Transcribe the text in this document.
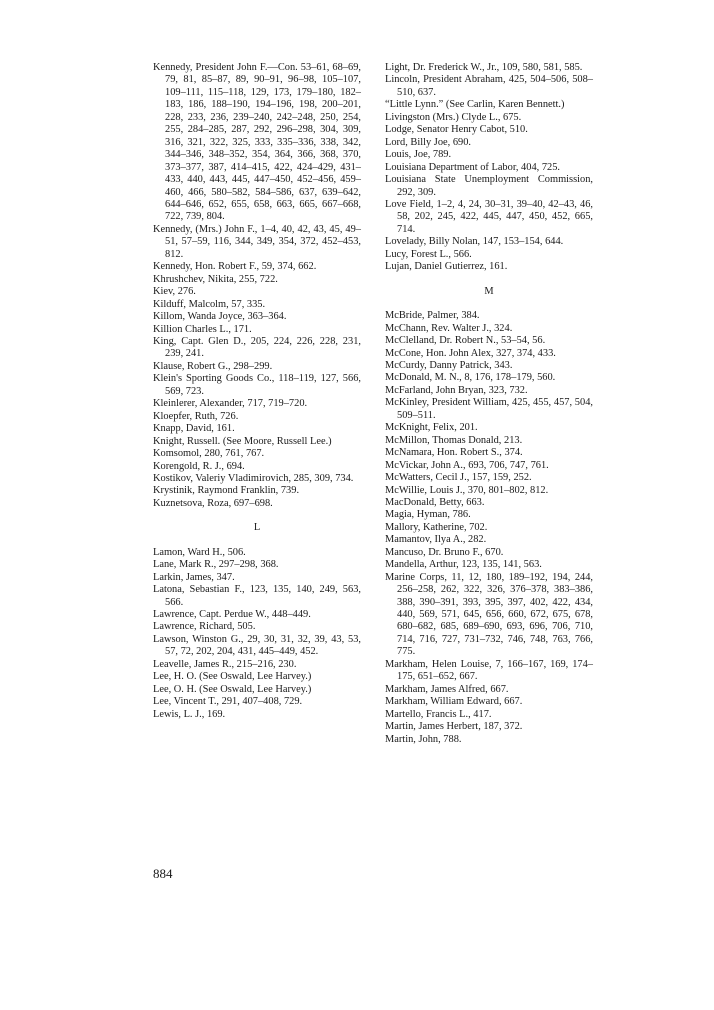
Kennedy, President John F.—Con. 53–61, 68–69, 79, 81, 85–87, 89, 90–91, 96–98, 105–107, 109–111, 115–118, 129, 173, 179–180, 182–183, 186, 188–190, 194–196, 198, 200–201, 228, 233, 236, 239–240, 242–248, 250, 254, 255, 284–285, 287, 292, 296–298, 304, 309, 316, 321, 322, 325, 333, 335–336, 338, 342, 344–346, 348–352, 354, 364, 366, 368, 370, 373–377, 387, 414–415, 422, 424–429, 431–433, 440, 443, 445, 447–450, 452–456, 459–460, 466, 580–582, 584–586, 637, 639–642, 644–646, 652, 655, 658, 663, 665, 667–668, 722, 739, 804.

Kennedy, (Mrs.) John F., 1–4, 40, 42, 43, 45, 49–51, 57–59, 116, 344, 349, 354, 372, 452–453, 812.

Kennedy, Hon. Robert F., 59, 374, 662.

Khrushchev, Nikita, 255, 722.

Kiev, 276.

Kilduff, Malcolm, 57, 335.

Killom, Wanda Joyce, 363–364.

Killion Charles L., 171.

King, Capt. Glen D., 205, 224, 226, 228, 231, 239, 241.

Klause, Robert G., 298–299.

Klein's Sporting Goods Co., 118–119, 127, 566, 569, 723.

Kleinlerer, Alexander, 717, 719–720.

Kloepfer, Ruth, 726.

Knapp, David, 161.

Knight, Russell. (See Moore, Russell Lee.)

Komsomol, 280, 761, 767.

Korengold, R. J., 694.

Kostikov, Valeriy Vladimirovich, 285, 309, 734.

Krystinik, Raymond Franklin, 739.

Kuznetsova, Roza, 697–698.

L

Lamon, Ward H., 506.

Lane, Mark R., 297–298, 368.

Larkin, James, 347.

Latona, Sebastian F., 123, 135, 140, 249, 563, 566.

Lawrence, Capt. Perdue W., 448–449.

Lawrence, Richard, 505.

Lawson, Winston G., 29, 30, 31, 32, 39, 43, 53, 57, 72, 202, 204, 431, 445–449, 452.

Leavelle, James R., 215–216, 230.

Lee, H. O. (See Oswald, Lee Harvey.)

Lee, O. H. (See Oswald, Lee Harvey.)

Lee, Vincent T., 291, 407–408, 729.

Lewis, L. J., 169.

Light, Dr. Frederick W., Jr., 109, 580, 581, 585.

Lincoln, President Abraham, 425, 504–506, 508–510, 637.

“Little Lynn.” (See Carlin, Karen Bennett.)

Livingston (Mrs.) Clyde L., 675.

Lodge, Senator Henry Cabot, 510.

Lord, Billy Joe, 690.

Louis, Joe, 789.

Louisiana Department of Labor, 404, 725.

Louisiana State Unemployment Commission, 292, 309.

Love Field, 1–2, 4, 24, 30–31, 39–40, 42–43, 46, 58, 202, 245, 422, 445, 447, 450, 452, 665, 714.

Lovelady, Billy Nolan, 147, 153–154, 644.

Lucy, Forest L., 566.

Lujan, Daniel Gutierrez, 161.

M

McBride, Palmer, 384.

McChann, Rev. Walter J., 324.

McClelland, Dr. Robert N., 53–54, 56.

McCone, Hon. John Alex, 327, 374, 433.

McCurdy, Danny Patrick, 343.

McDonald, M. N., 8, 176, 178–179, 560.

McFarland, John Bryan, 323, 732.

McKinley, President William, 425, 455, 457, 504, 509–511.

McKnight, Felix, 201.

McMillon, Thomas Donald, 213.

McNamara, Hon. Robert S., 374.

McVickar, John A., 693, 706, 747, 761.

McWatters, Cecil J., 157, 159, 252.

McWillie, Louis J., 370, 801–802, 812.

MacDonald, Betty, 663.

Magia, Hyman, 786.

Mallory, Katherine, 702.

Mamantov, Ilya A., 282.

Mancuso, Dr. Bruno F., 670.

Mandella, Arthur, 123, 135, 141, 563.

Marine Corps, 11, 12, 180, 189–192, 194, 244, 256–258, 262, 322, 326, 376–378, 383–386, 388, 390–391, 393, 395, 397, 402, 422, 434, 440, 569, 571, 645, 656, 660, 672, 675, 678, 680–682, 685, 689–690, 693, 696, 706, 710, 714, 716, 727, 731–732, 746, 748, 763, 766, 775.

Markham, Helen Louise, 7, 166–167, 169, 174–175, 651–652, 667.

Markham, James Alfred, 667.

Markham, William Edward, 667.

Martello, Francis L., 417.

Martin, James Herbert, 187, 372.

Martin, John, 788.

884
